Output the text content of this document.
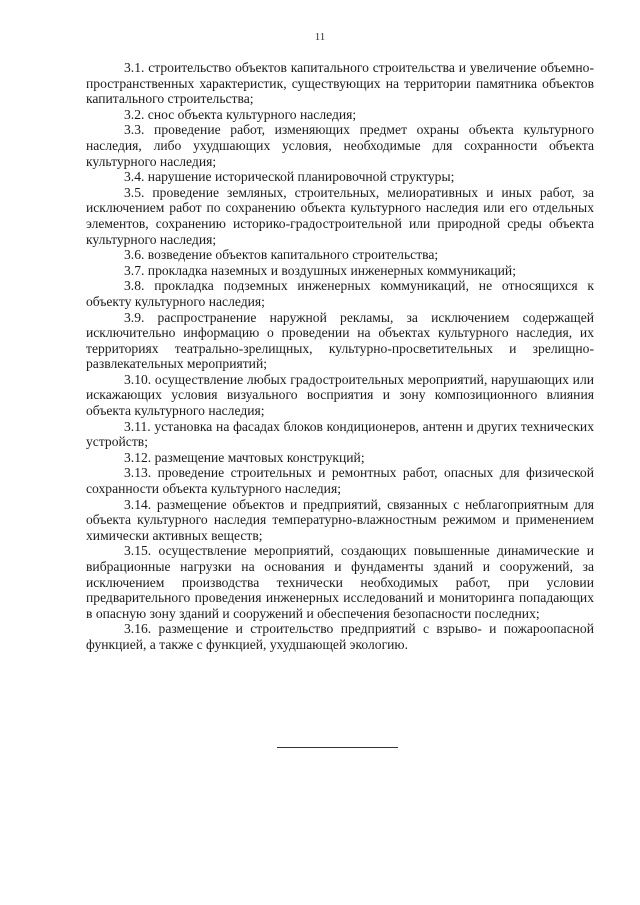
11

3.1. строительство объектов капитального строительства и увеличение объемно-пространственных характеристик, существующих на территории памятника объектов капитального строительства;

3.2. снос объекта культурного наследия;

3.3. проведение работ, изменяющих предмет охраны объекта культурного наследия, либо ухудшающих условия, необходимые для сохранности объекта культурного наследия;

3.4. нарушение исторической планировочной структуры;

3.5. проведение земляных, строительных, мелиоративных и иных работ, за исключением работ по сохранению объекта культурного наследия или его отдельных элементов, сохранению историко-градостроительной или природной среды объекта культурного наследия;

3.6. возведение объектов капитального строительства;

3.7. прокладка наземных и воздушных инженерных коммуникаций;

3.8. прокладка подземных инженерных коммуникаций, не относящихся к объекту культурного наследия;

3.9. распространение наружной рекламы, за исключением содержащей исключительно информацию о проведении на объектах культурного наследия, их территориях театрально-зрелищных, культурно-просветительных и зрелищно-развлекательных мероприятий;

3.10. осуществление любых градостроительных мероприятий, нарушающих или искажающих условия визуального восприятия и зону композиционного влияния объекта культурного наследия;

3.11. установка на фасадах блоков кондиционеров, антенн и других технических устройств;

3.12. размещение мачтовых конструкций;

3.13. проведение строительных и ремонтных работ, опасных для физической сохранности объекта культурного наследия;

3.14. размещение объектов и предприятий, связанных с неблагоприятным для объекта культурного наследия температурно-влажностным режимом и применением химически активных веществ;

3.15. осуществление мероприятий, создающих повышенные динамические и вибрационные нагрузки на основания и фундаменты зданий и сооружений, за исключением производства технически необходимых работ, при условии предварительного проведения инженерных исследований и мониторинга попадающих в опасную зону зданий и сооружений и обеспечения безопасности последних;

3.16. размещение и строительство предприятий с взрыво- и пожароопасной функцией, а также с функцией, ухудшающей экологию.
